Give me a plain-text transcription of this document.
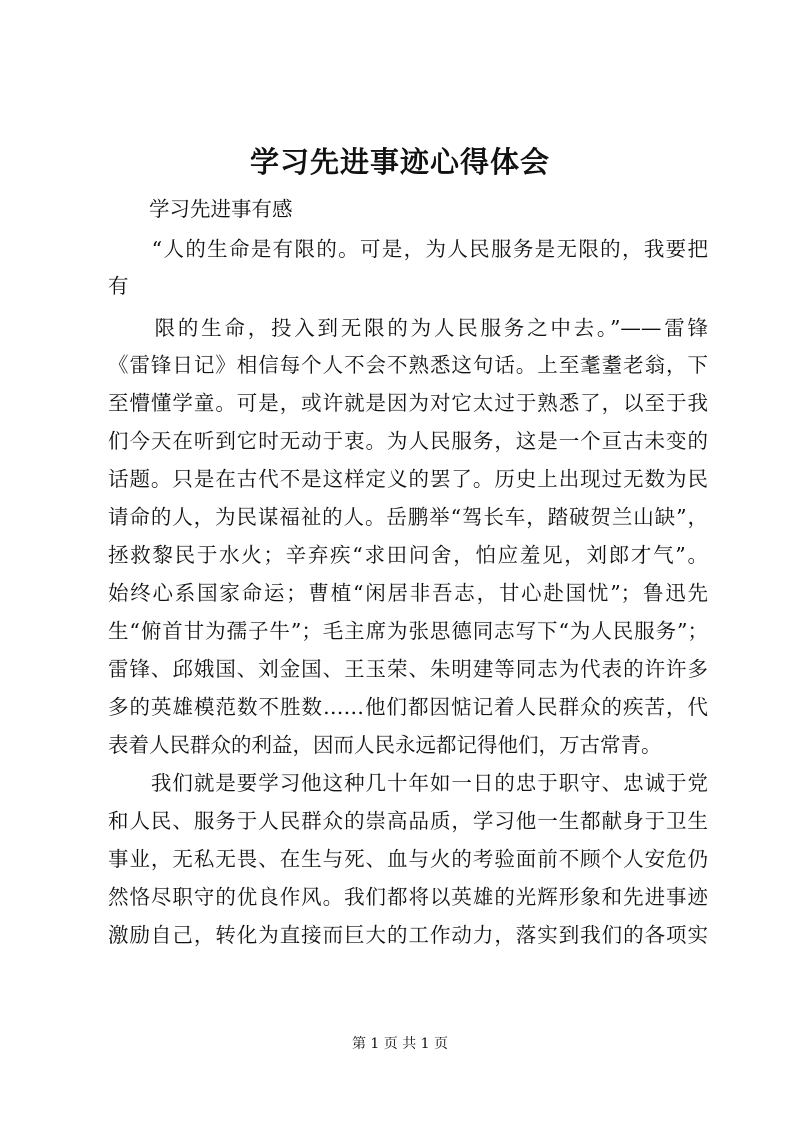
学习先进事迹心得体会
　　学习先进事有感
　　“人的生命是有限的。可是，为人民服务是无限的，我要把
有
　　限的生命，投入到无限的为人民服务之中去。”——雷锋
《雷锋日记》相信每个人不会不熟悉这句话。上至耄耋老翁，下
至懵懂学童。可是，或许就是因为对它太过于熟悉了，以至于我
们今天在听到它时无动于衷。为人民服务，这是一个亘古未变的
话题。只是在古代不是这样定义的罢了。历史上出现过无数为民
请命的人，为民谋福祉的人。岳鹏举“驾长车，踏破贺兰山缺”，
拯救黎民于水火；辛弃疾“求田问舍，怕应羞见，刘郎才气”。
始终心系国家命运；曹植“闲居非吾志，甘心赴国忧”；鲁迅先
生“俯首甘为孺子牛”；毛主席为张思德同志写下“为人民服务”；
雷锋、邱娥国、刘金国、王玉荣、朱明建等同志为代表的许许多
多的英雄模范数不胜数……他们都因惦记着人民群众的疾苦，代
表着人民群众的利益，因而人民永远都记得他们，万古常青。
　　我们就是要学习他这种几十年如一日的忠于职守、忠诚于党
和人民、服务于人民群众的崇高品质，学习他一生都献身于卫生
事业，无私无畏、在生与死、血与火的考验面前不顾个人安危仍
然恪尽职守的优良作风。我们都将以英雄的光辉形象和先进事迹
激励自己，转化为直接而巨大的工作动力，落实到我们的各项实
第 1 页 共 1 页
